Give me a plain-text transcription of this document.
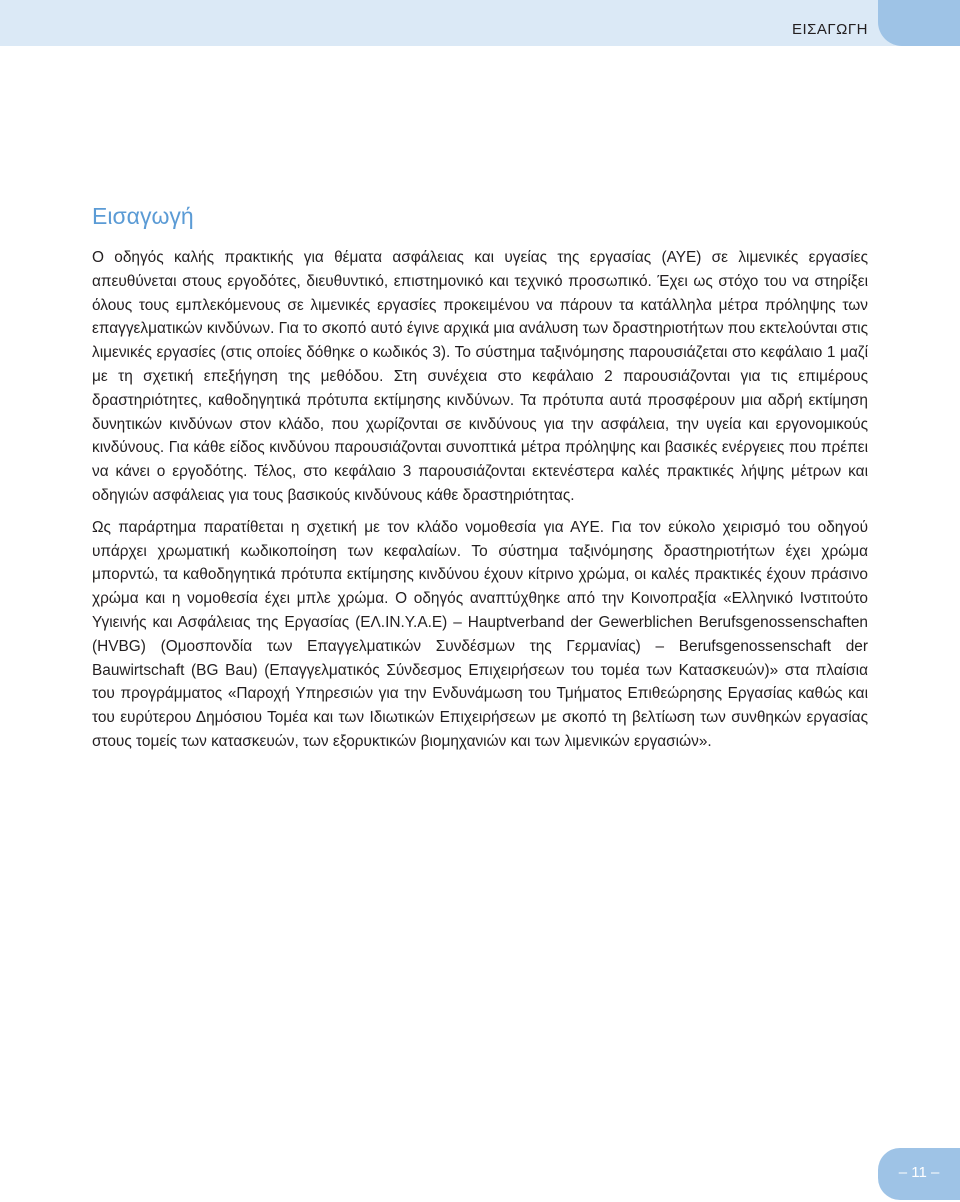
ΕΙΣΑΓΩΓΗ
Εισαγωγή

Ο οδηγός καλής πρακτικής για θέματα ασφάλειας και υγείας της εργασίας (ΑΥΕ) σε λιμενικές εργασίες απευθύνεται στους εργοδότες, διευθυντικό, επιστημονικό και τεχνικό προσωπικό. Έχει ως στόχο του να στηρίξει όλους τους εμπλεκόμενους σε λιμενικές εργασίες προκειμένου να πάρουν τα κατάλληλα μέτρα πρόληψης των επαγγελματικών κινδύνων. Για το σκοπό αυτό έγινε αρχικά μια ανάλυση των δραστηριοτήτων που εκτελούνται στις λιμενικές εργασίες (στις οποίες δόθηκε ο κωδικός 3). Το σύστημα ταξινόμησης παρουσιάζεται στο κεφάλαιο 1 μαζί με τη σχετική επεξήγηση της μεθόδου. Στη συνέχεια στο κεφάλαιο 2 παρουσιάζονται για τις επιμέρους δραστηριότητες, καθοδηγητικά πρότυπα εκτίμησης κινδύνων. Τα πρότυπα αυτά προσφέρουν μια αδρή εκτίμηση δυνητικών κινδύνων στον κλάδο, που χωρίζονται σε κινδύνους για την ασφάλεια, την υγεία και εργονομικούς κινδύνους. Για κάθε είδος κινδύνου παρουσιάζονται συνοπτικά μέτρα πρόληψης και βασικές ενέργειες που πρέπει να κάνει ο εργοδότης. Τέλος, στο κεφάλαιο 3 παρουσιάζονται εκτενέστερα καλές πρακτικές λήψης μέτρων και οδηγιών ασφάλειας για τους βασικούς κινδύνους κάθε δραστηριότητας.

Ως παράρτημα παρατίθεται η σχετική με τον κλάδο νομοθεσία για ΑΥΕ. Για τον εύκολο χειρισμό του οδηγού υπάρχει χρωματική κωδικοποίηση των κεφαλαίων. Το σύστημα ταξινόμησης δραστηριοτήτων έχει χρώμα μπορντώ, τα καθοδηγητικά πρότυπα εκτίμησης κινδύνου έχουν κίτρινο χρώμα, οι καλές πρακτικές έχουν πράσινο χρώμα και η νομοθεσία έχει μπλε χρώμα. Ο οδηγός αναπτύχθηκε από την Κοινοπραξία «Ελληνικό Ινστιτούτο Υγιεινής και Ασφάλειας της Εργασίας (ΕΛ.ΙΝ.Υ.Α.Ε) – Hauptverband der Gewerblichen Berufsgenossenschaften (HVBG) (Ομοσπονδία των Επαγγελματικών Συνδέσμων της Γερμανίας) – Berufsgenossenschaft der Bauwirtschaft (BG Bau) (Επαγγελματικός Σύνδεσμος Επιχειρήσεων του τομέα των Κατασκευών)» στα πλαίσια του προγράμματος «Παροχή Υπηρεσιών για την Ενδυνάμωση του Τμήματος Επιθεώρησης Εργασίας καθώς και του ευρύτερου Δημόσιου Τομέα και των Ιδιωτικών Επιχειρήσεων με σκοπό τη βελτίωση των συνθηκών εργασίας στους τομείς των κατασκευών, των εξορυκτικών βιομηχανιών και των λιμενικών εργασιών».

– 11 –
